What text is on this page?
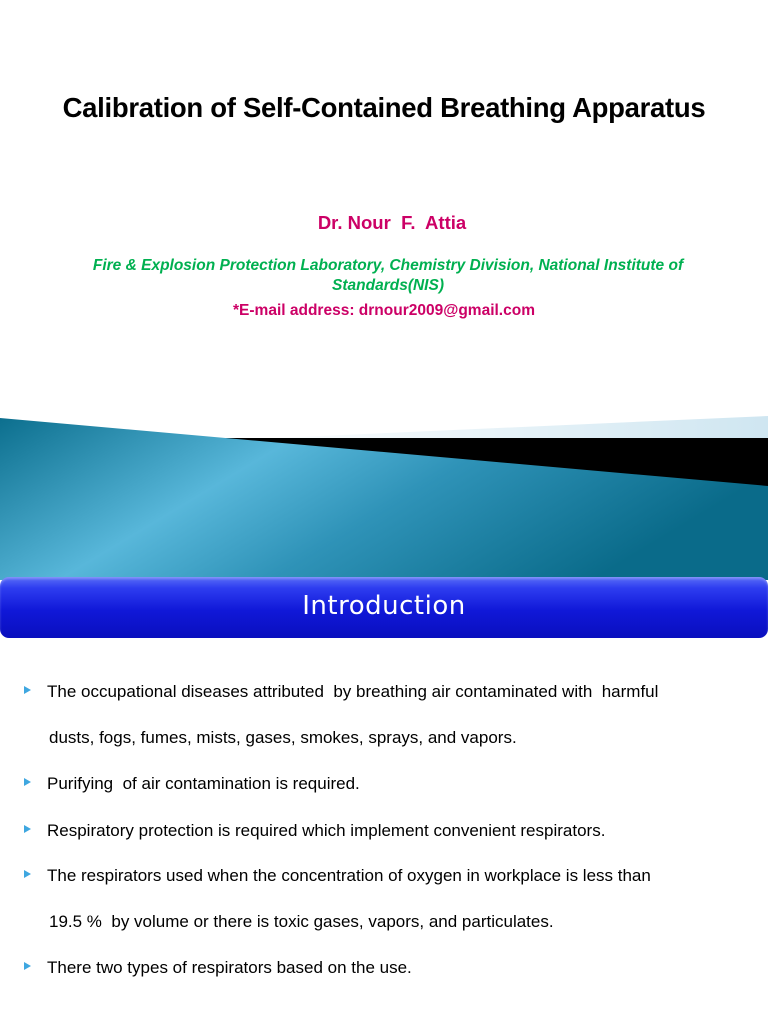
Calibration of Self-Contained Breathing Apparatus
Dr. Nour  F.  Attia
Fire & Explosion Protection Laboratory, Chemistry Division, National Institute of Standards(NIS)
*E-mail address: drnour2009@gmail.com
Introduction
The occupational diseases attributed  by breathing air contaminated with  harmful
dusts, fogs, fumes, mists, gases, smokes, sprays, and vapors.
Purifying  of air contamination is required.
Respiratory protection is required which implement convenient respirators.
The respirators used when the concentration of oxygen in workplace is less than
19.5 %  by volume or there is toxic gases, vapors, and particulates.
There two types of respirators based on the use.
